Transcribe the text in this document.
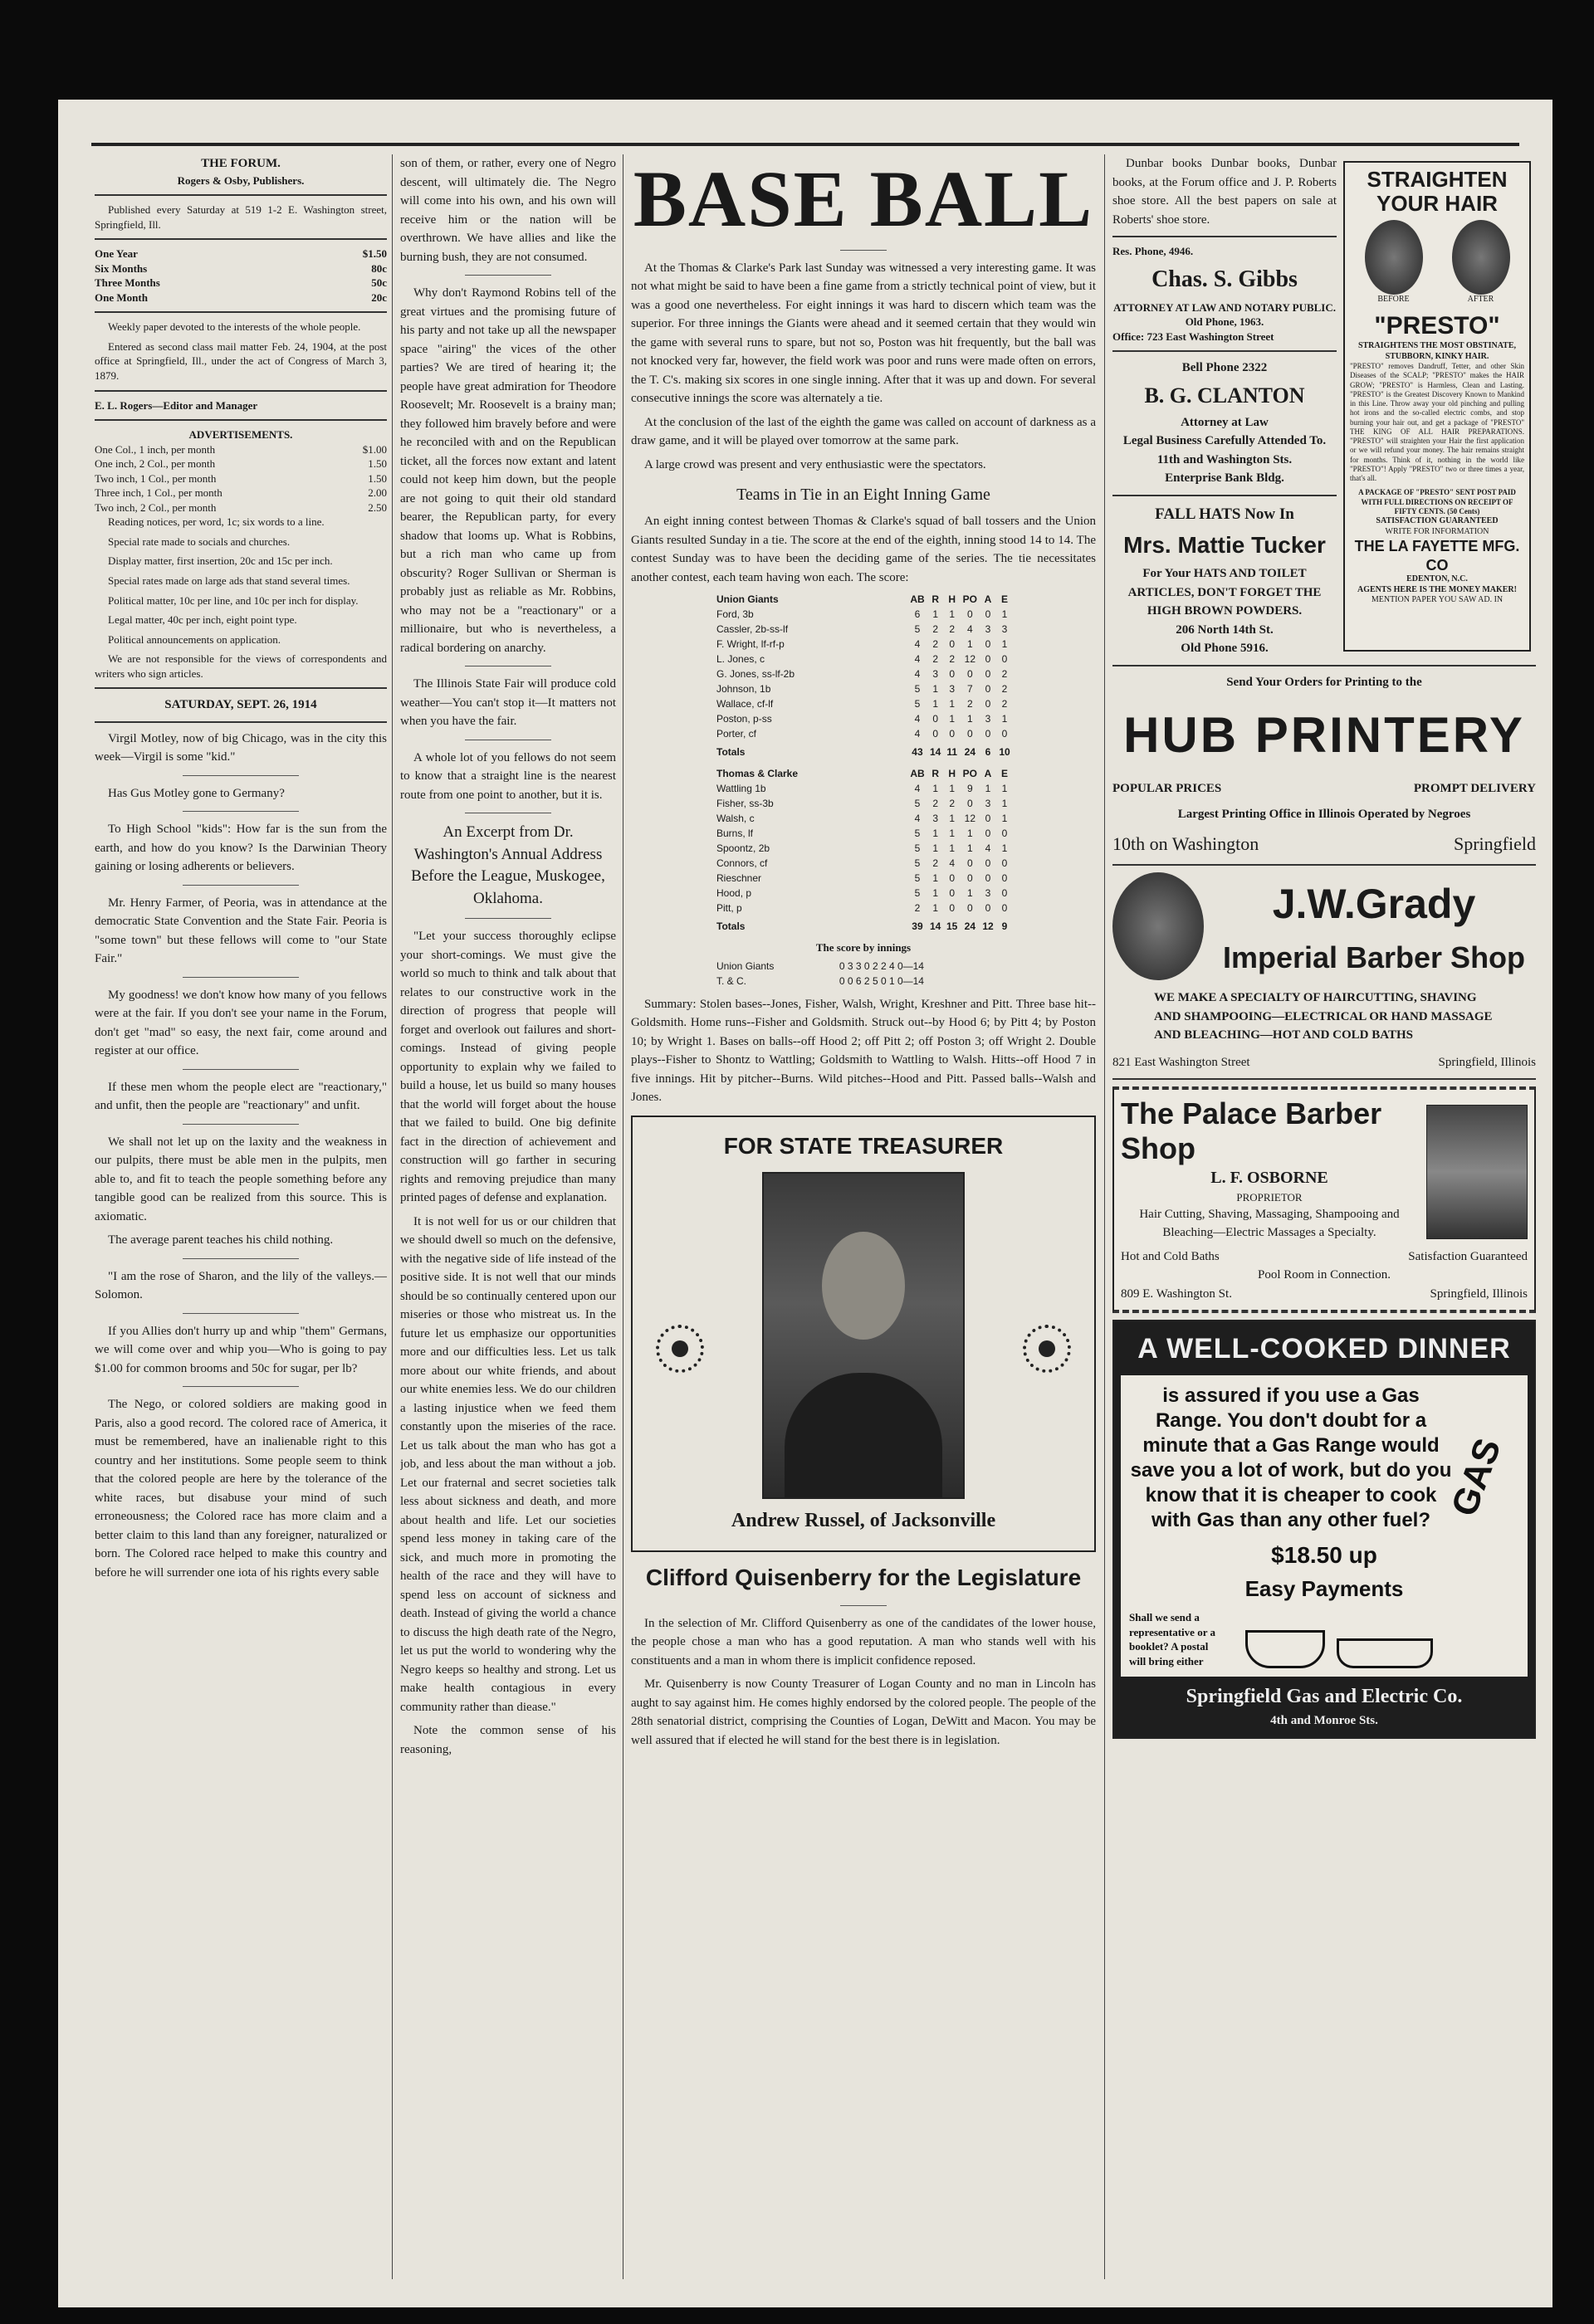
THE FORUM.
Rogers & Osby, Publishers.

Published every Saturday at 519 1-2 E. Washington street, Springfield, Ill.

One Year	$1.50
Six Months	80c
Three Months	50c
One Month	20c

Weekly paper devoted to the interests of the whole people.

Entered as second class mail matter Feb. 24, 1904, at the post office at Springfield, Ill., under the act of Congress of March 3, 1879.

E. L. Rogers—Editor and Manager
ADVERTISEMENTS.
One Col., 1 inch, per month	$1.00
One inch, 2 Col., per month	1.50
Two inch, 1 Col., per month	1.50
Three inch, 1 Col., per month	2.00
Two inch, 2 Col., per month	2.50

Reading notices, per word, 1c; six words to a line.

Special rate made to socials and churches.

Display matter, first insertion, 20c and 15c per inch.

Special rates made on large ads that stand several times.

Political matter, 10c per line, and 10c per inch for display.

Legal matter, 40c per inch, eight point type.

Political announcements on application.

We are not responsible for the views of correspondents and writers who sign articles.

SATURDAY, SEPT. 26, 1914

Virgil Motley, now of big Chicago, was in the city this week—Virgil is some "kid."

Has Gus Motley gone to Germany?

To High School "kids": How far is the sun from the earth, and how do you know? Is the Darwinian Theory gaining or losing adherents or believers.

Mr. Henry Farmer, of Peoria, was in attendance at the democratic State Convention and the State Fair. Peoria is "some town" but these fellows will come to "our State Fair."

My goodness! we don't know how many of you fellows were at the fair. If you don't see your name in the Forum, don't get "mad" so easy, the next fair, come around and register at our office.

If these men whom the people elect are "reactionary," and unfit, then the people are "reactionary" and unfit.

We shall not let up on the laxity and the weakness in our pulpits, there must be able men in the pulpits, men able to, and fit to teach the people something before any tangible good can be realized from this source. This is axiomatic.

The average parent teaches his child nothing.

"I am the rose of Sharon, and the lily of the valleys.—Solomon.

If you Allies don't hurry up and whip "them" Germans, we will come over and whip you—Who is going to pay $1.00 for common brooms and 50c for sugar, per lb?

The Nego, or colored soldiers are making good in Paris, also a good record. The colored race of America, it must be remembered, have an inalienable right to this country and her institutions. Some people seem to think that the colored people are here by the tolerance of the white races, but disabuse your mind of such erroneousness; the Colored race has more claim and a better claim to this land than any foreigner, naturalized or born. The Colored race helped to make this country and before he will surrender one iota of his rights every sable

son of them, or rather, every one of Negro descent, will ultimately die. The Negro will come into his own, and his own will receive him or the nation will be overthrown. We have allies and like the burning bush, they are not consumed.

Why don't Raymond Robins tell of the great virtues and the promising future of his party and not take up all the newspaper space "airing" the vices of the other parties? We are tired of hearing it; the people have great admiration for Theodore Roosevelt; Mr. Roosevelt is a brainy man; they followed him bravely before and were he reconciled with and on the Republican ticket, all the forces now extant and latent could not keep him down, but the people are not going to quit their old standard bearer, the Republican party, for every shadow that looms up. What is Robbins, but a rich man who came up from obscurity? Roger Sullivan or Sherman is probably just as reliable as Mr. Robbins, who may not be a "reactionary" or a millionaire, but who is nevertheless, a radical bordering on anarchy.

The Illinois State Fair will produce cold weather—You can't stop it—It matters not when you have the fair.

A whole lot of you fellows do not seem to know that a straight line is the nearest route from one point to another, but it is.

An Excerpt from Dr. Washington's Annual Address Before the League, Muskogee, Oklahoma.

"Let your success thoroughly eclipse your short-comings. We must give the world so much to think and talk about that relates to our constructive work in the direction of progress that people will forget and overlook out failures and short-comings. Instead of giving people opportunity to explain why we failed to build a house, let us build so many houses that the world will forget about the house that we failed to build. One big definite fact in the direction of achievement and construction will go farther in securing rights and removing prejudice than many printed pages of defense and explanation.

It is not well for us or our children that we should dwell so much on the defensive, with the negative side of life instead of the positive side. It is not well that our minds should be so continually centered upon our miseries or those who mistreat us. In the future let us emphasize our opportunities more and our difficulties less. Let us talk more about our white friends, and about our white enemies less. We do our children a lasting injustice when we feed them constantly upon the miseries of the race. Let us talk about the man who has got a job, and less about the man without a job. Let our fraternal and secret societies talk less about sickness and death, and more about health and life. Let our societies spend less money in taking care of the sick, and much more in promoting the health of the race and they will have to spend less on account of sickness and death. Instead of giving the world a chance to discuss the high death rate of the Negro, let us put the world to wondering why the Negro keeps so healthy and strong. Let us make health contagious in every community rather than diease."

Note the common sense of his reasoning,

BASE BALL

At the Thomas & Clarke's Park last Sunday was witnessed a very interesting game. It was not what might be said to have been a fine game from a strictly technical point of view, but it was a good one nevertheless. For eight innings it was hard to discern which team was the superior. For three innings the Giants were ahead and it seemed certain that they would win the game with several runs to spare, but not so, Poston was hit frequently, but the ball was not knocked very far, however, the field work was poor and runs were made often on errors, the T. C's. making six scores in one single inning. After that it was up and down. For several consecutive innings the score was alternately a tie.

At the conclusion of the last of the eighth the game was called on account of darkness as a draw game, and it will be played over tomorrow at the same park.

A large crowd was present and very enthusiastic were the spectators.

Teams in Tie in an Eight Inning Game

An eight inning contest between Thomas & Clarke's squad of ball tossers and the Union Giants resulted Sunday in a tie. The score at the end of the eighth, inning stood 14 to 14. The contest Sunday was to have been the deciding game of the series. The tie necessitates another contest, each team having won each. The score:

Union Giants	AB	R	H	PO	A	E
Ford, 3b	6	1	1	0	0	1
Cassler, 2b-ss-lf	5	2	2	4	3	3
F. Wright, lf-rf-p	4	2	0	1	0	1
L. Jones, c	4	2	2	12	0	0
G. Jones, ss-lf-2b	4	3	0	0	0	2
Johnson, 1b	5	1	3	7	0	2
Wallace, cf-lf	5	1	1	2	0	2
Poston, p-ss	4	0	1	1	3	1
Porter, cf	4	0	0	0	0	0
Totals	43	14	11	24	6	10
Thomas & Clarke	AB	R	H	PO	A	E
Wattling 1b	4	1	1	9	1	1
Fisher, ss-3b	5	2	2	0	3	1
Walsh, c	4	3	1	12	0	1
Burns, lf	5	1	1	1	0	0
Spoontz, 2b	5	1	1	1	4	1
Connors, cf	5	2	4	0	0	0
Rieschner	5	1	0	0	0	0
Hood, p	5	1	0	1	3	0
Pitt, p	2	1	0	0	0	0
Totals	39	14	15	24	12	9
The score by innings
Union Giants	0 3 3 0 2 2 4 0—14
T. & C.	0 0 6 2 5 0 1 0—14

Summary: Stolen bases--Jones, Fisher, Walsh, Wright, Kreshner and Pitt. Three base hit--Goldsmith. Home runs--Fisher and Goldsmith. Struck out--by Hood 6; by Pitt 4; by Poston 10; by Wright 1. Bases on balls--off Hood 2; off Pitt 2; off Poston 3; off Wright 2. Double plays--Fisher to Shontz to Wattling; Goldsmith to Wattling to Walsh. Hitts--off Hood 7 in five innings. Hit by pitcher--Burns. Wild pitches--Hood and Pitt. Passed balls--Walsh and Jones.

FOR STATE TREASURER
Andrew Russel, of Jacksonville
Clifford Quisenberry for the Legislature

In the selection of Mr. Clifford Quisenberry as one of the candidates of the lower house, the people chose a man who has a good reputation. A man who stands well with his constituents and a man in whom there is implicit confidence reposed.

Mr. Quisenberry is now County Treasurer of Logan County and no man in Lincoln has aught to say against him. He comes highly endorsed by the colored people. The people of the 28th senatorial district, comprising the Counties of Logan, DeWitt and Macon. You may be well assured that if elected he will stand for the best there is in legislation.

Dunbar books Dunbar books, Dunbar books, at the Forum office and J. P. Roberts shoe store. All the best papers on sale at Roberts' shoe store.

Res. Phone, 4946.
Chas. S. Gibbs
ATTORNEY AT LAW AND NOTARY PUBLIC.
Old Phone, 1963.
Office: 723 East Washington Street
Bell Phone 2322
B. G. CLANTON
Attorney at Law
Legal Business Carefully Attended To.
11th and Washington Sts.
Enterprise Bank Bldg.
FALL HATS Now In
Mrs. Mattie Tucker
For Your HATS AND TOILET ARTICLES, DON'T FORGET THE HIGH BROWN POWDERS.
206 North 14th St.
Old Phone 5916.
STRAIGHTEN YOUR HAIR
BEFORE	AFTER
"PRESTO"
STRAIGHTENS THE MOST OBSTINATE, STUBBORN, KINKY HAIR.

"PRESTO" removes Dandruff, Tetter, and other Skin Diseases of the SCALP; "PRESTO" makes the HAIR GROW; "PRESTO" is Harmless, Clean and Lasting. "PRESTO" is the Greatest Discovery Known to Mankind in this Line. Throw away your old pinching and pulling hot irons and the so-called electric combs, and stop burning your hair out, and get a package of "PRESTO" THE KING OF ALL HAIR PREPARATIONS. "PRESTO" will straighten your Hair the first application or we will refund your money. The hair remains straight for months. Think of it, nothing in the world like "PRESTO"! Apply "PRESTO" two or three times a year, that's all.

A PACKAGE OF "PRESTO" SENT POST PAID WITH FULL DIRECTIONS ON RECEIPT OF FIFTY CENTS. (50 Cents)
SATISFACTION GUARANTEED
WRITE FOR INFORMATION
THE LA FAYETTE MFG. CO
EDENTON, N.C.
AGENTS HERE IS THE MONEY MAKER!
MENTION PAPER YOU SAW AD. IN
Send Your Orders for Printing to the
HUB PRINTERY
POPULAR PRICES	PROMPT DELIVERY
Largest Printing Office in Illinois Operated by Negroes
10th on Washington	Springfield
J.W.Grady
Imperial Barber Shop

WE MAKE A SPECIALTY OF HAIRCUTTING, SHAVING AND SHAMPOOING—ELECTRICAL OR HAND MASSAGE AND BLEACHING—HOT AND COLD BATHS

821 East Washington Street	Springfield, Illinois
The Palace Barber Shop
L. F. OSBORNE
PROPRIETOR

Hair Cutting, Shaving, Massaging, Shampooing and Bleaching—Electric Massages a Specialty.

Hot and Cold Baths	Satisfaction Guaranteed
Pool Room in Connection.
809 E. Washington St.	Springfield, Illinois
A WELL-COOKED DINNER
is assured if you use a Gas Range. You don't doubt for a minute that a Gas Range would save you a lot of work, but do you know that it is cheaper to cook with Gas than any other fuel?
$18.50 up
Easy Payments
Shall we send a representative or a booklet? A postal will bring either
GAS
Springfield Gas and Electric Co.
4th and Monroe Sts.
